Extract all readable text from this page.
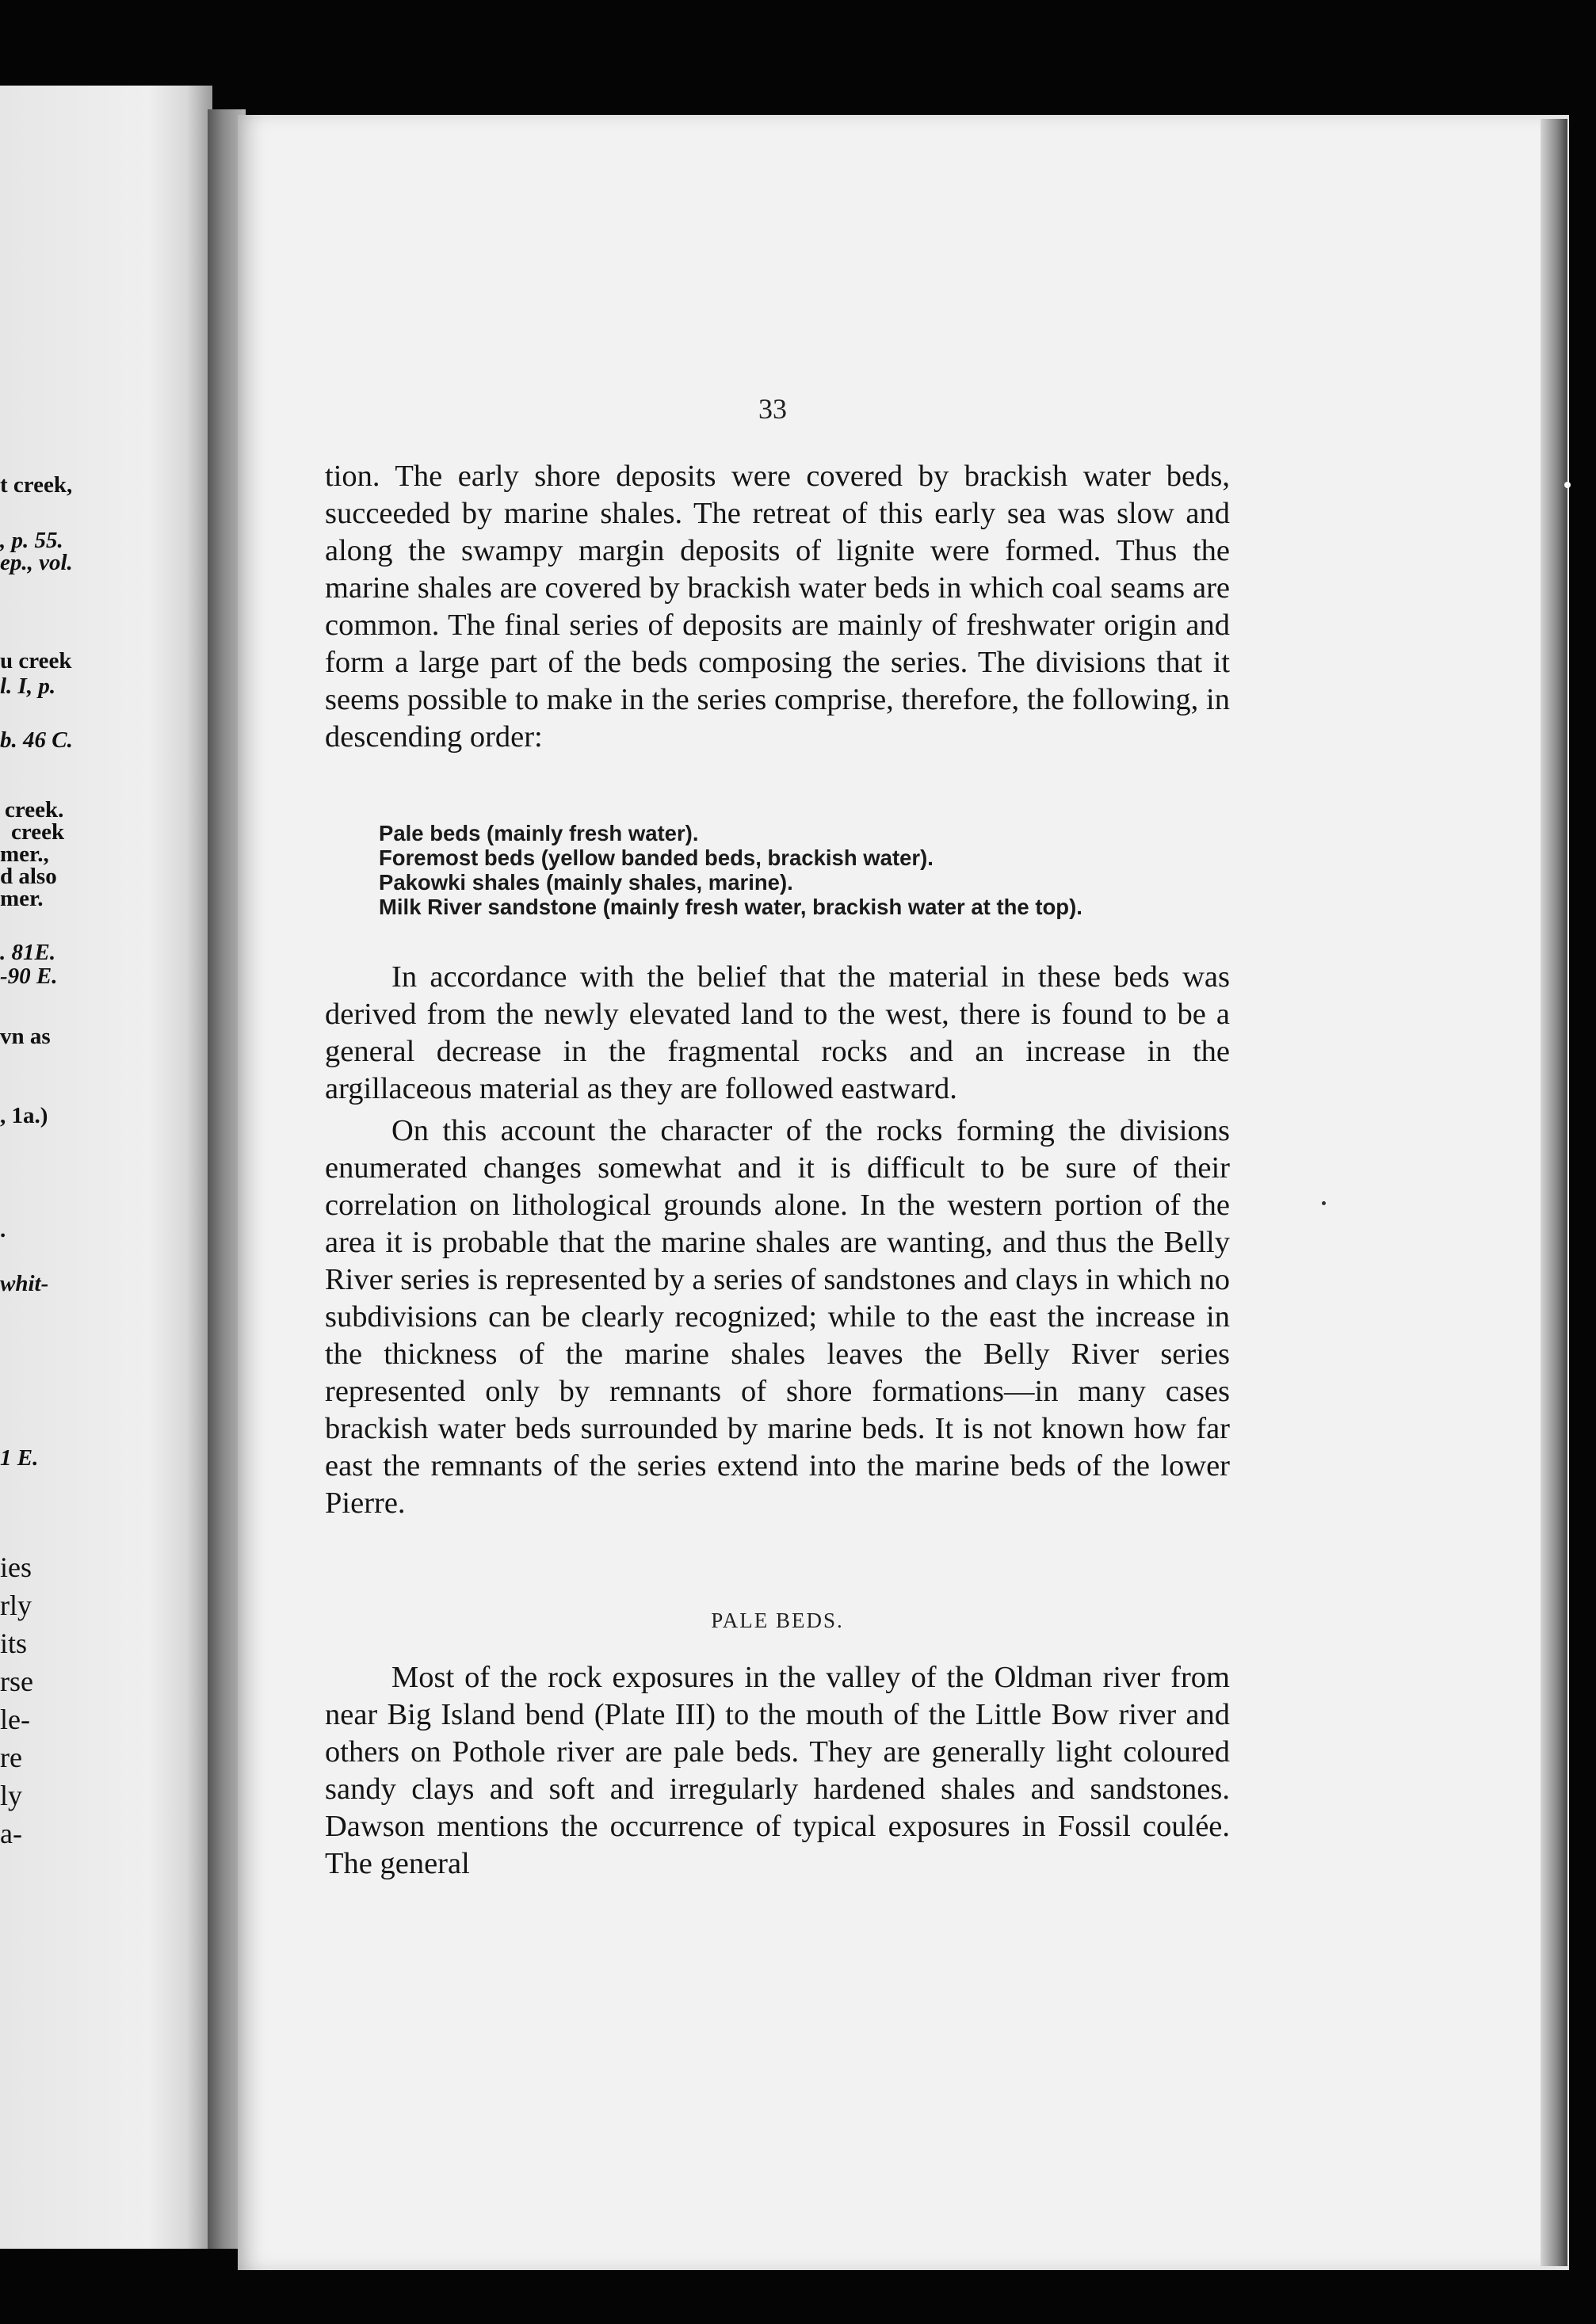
t creek,
, p. 55.
ep., vol.
u creek
l. I, p.
b. 46 C.
creek.
creek
mer.,
d also
mer.
. 81E.
-90 E.
vn as
, 1a.)
.
whit-
1 E.
ies
rly
its
rse
le-
re
ly
a-
33
tion. The early shore deposits were covered by brackish water beds, succeeded by marine shales. The retreat of this early sea was slow and along the swampy margin deposits of lignite were formed. Thus the marine shales are covered by brackish water beds in which coal seams are common. The final series of deposits are mainly of freshwater origin and form a large part of the beds composing the series. The divisions that it seems possible to make in the series comprise, therefore, the following, in descending order:
Pale beds (mainly fresh water).
Foremost beds (yellow banded beds, brackish water).
Pakowki shales (mainly shales, marine).
Milk River sandstone (mainly fresh water, brackish water at the top).
In accordance with the belief that the material in these beds was derived from the newly elevated land to the west, there is found to be a general decrease in the fragmental rocks and an increase in the argillaceous material as they are followed eastward.
On this account the character of the rocks forming the divisions enumerated changes somewhat and it is difficult to be sure of their correlation on lithological grounds alone. In the western portion of the area it is probable that the marine shales are wanting, and thus the Belly River series is represented by a series of sandstones and clays in which no subdivisions can be clearly recognized; while to the east the increase in the thickness of the marine shales leaves the Belly River series represented only by remnants of shore formations—in many cases brackish water beds surrounded by marine beds. It is not known how far east the remnants of the series extend into the marine beds of the lower Pierre.
PALE BEDS.
Most of the rock exposures in the valley of the Oldman river from near Big Island bend (Plate III) to the mouth of the Little Bow river and others on Pothole river are pale beds. They are generally light coloured sandy clays and soft and irregularly hardened shales and sandstones. Dawson mentions the occurrence of typical exposures in Fossil coulée. The general
